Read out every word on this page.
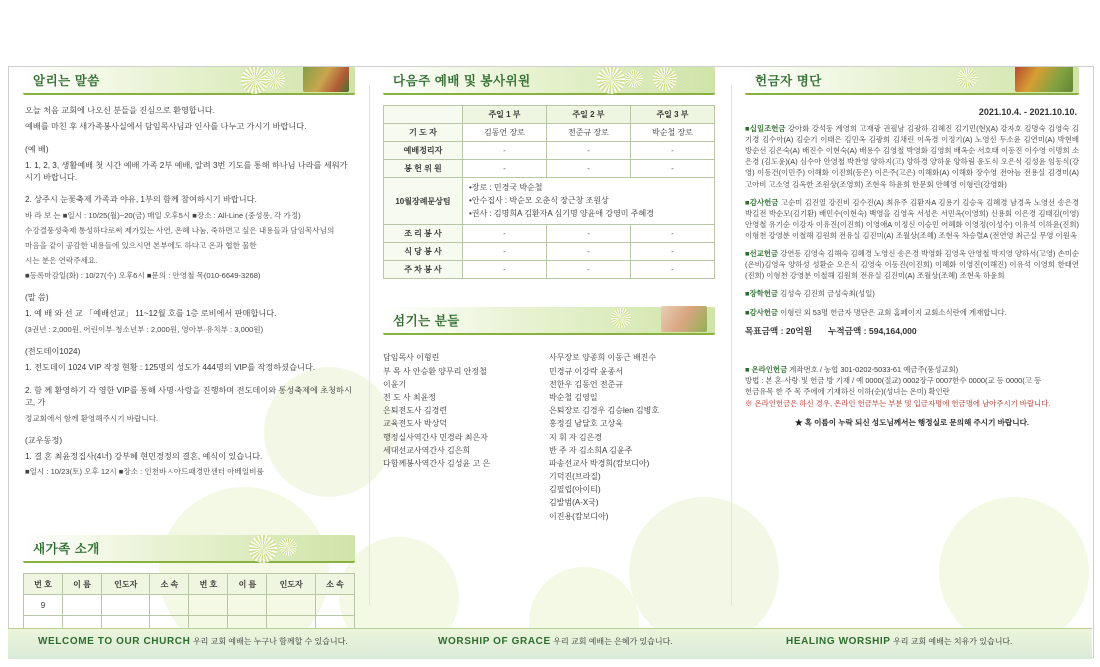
알리는 말씀

오늘 처음 교회에 나오신 분들을 진심으로 환영합니다.

예배를 마친 후 새가족봉사실에서 담임목사님과 인사를 나누고 가시기 바랍니다.

(예 배)

1. 1, 2, 3, 생활예배 첫 시간 예배 가족 2부 예배, 알려 3번 기도를 통해 하나님 나라를 세워가시기 바랍니다.

2. 상주시 눈꽃축제 가족과 야유, 1부의 함께 참여하시기 바랍니다.

바 라 보 는 ■일시 : 10/25(월)~20(금) 매일 오후5시 ■장소 : All-Line (중성롱, 각 가정)

수강결풍성축제 통성하다로써 제가있는 사연, 온혜 나눔, 죽하면고 싶은 내용들과 담임목사님의

마음을 같이 공감한 내용들에 있으시면 본부에도 하다고 온과 협한 물한

시는 분은 연락주세요.

■등록마감일(화) : 10/27(수) 오후6시 ■문의 : 안영철 목(010-6649-3268)

(말 씀)

1. 예 배 와 선 교 「예배선교」 11~12월 호를 1층 로비에서 판매합니다.

(3권년 : 2,000원, 어린이부·청소년부 : 2,000원, 영아부·유치부 : 3,000원)

(전도데이1024)

1. 전도데이 1024 VIP 작정 현황 : 125명의 성도가 444명의 VIP를 작정하셨습니다.

2. 함 께 환영하기 각 영한 VIP를 통해 사명·사랑을 진행하며 전도데이와 통성축제에 초청하시고, 가

정교회에서 함께 환영해주시기 바랍니다.

(교우동정)

1. 결 혼 최윤정집사(4녀) 강부혜 현민경정의 결혼, 예식이 있습니다.

■일시 : 10/23(토) 오후 12시 ■장소 : 인천바ㅅ아드패경만센터 아베일비룸

새가족 소개
번 호	이 름	인도자	소 속	번 호	이 름	인도자	소 속
9							

다음주 예배 및 봉사위원
	주일 1 부	주일 2 부	주일 3 부
기 도 자	김동언 장로	전준규 장로	박순철 장로
예배정리자	-	-	-
봉 헌 위 원	-	-	-
10월장례문상팀	•장로 : 민경국 박순철
•안수집사 : 박순모 오춘식 장근창 조원상
•권사 : 김명희A 김환자A 심기명 양윤애 강영미 주혜경		
조 리 봉 사	-	-	-
식 당 봉 사	-	-	-
주 차 봉 사	-	-	-
섬기는 분들
담임목사 이형린
부 목 사 안승환 양무리 안정철
이윤기
전 도 사 최윤정
은퇴전도사 김경련
교육전도사 박상덕
행정실사역간사 민경라 최은자
세대선교사역간사 김은희
다함께봉사역간사 김성윤 고 은
사무장로 양종희 이동근 배진수
민경규 이강락 윤종서
전한우 김동언 전준규
박순철 김영일
은퇴장로 김경우 김승len 김병호
홍정길 남달호 고상욱
지 휘 자 김은경
반 주 자 김소희A 김윤주
파송선교사 박경희(캄보디아)
기덕진(브라질)
김필립(아이티)
김발범(A-X국)
이진용(캄보디아)
헌금자 명단
2021.10.4. - 2021.10.10.
■십일조헌금 강아화 강석동 계영희 고재광 권필남 김광하 김혜진 김기민(현)(A) 강자호 김명숙 김영숙 김기경 김수아(A) 김순기 이태은 김민옥 김광희 김채린 이옥경 이정기(A) 노영신 두소윤 김연미(A) 박현배 방순선 김은숙(A) 배진수 이현숙(A) 배용수 김영철 박영화 김영희 배옥순 서호태 이동진 이수영 이명희 소은경 (김도윤)(A) 심수아 안영철 박찬영 양하지(고) 양하경 양하윤 양하림 윤도식 오은식 김성윤 임동식(강영) 이동건(이민주) 이해화 이진희(동은) 이은주(고은) 이해화(A) 이해화 장수영 전아늠 전용실 김경미(A) 고아비 고소영 김옥한 조원상(조영희) 조현욱 하윤희 한문회 안혜영 이형린(강영화)
■감사헌금 고순미 김진열 강진비 김수진(A) 최유주 김환자A 김용기 김승욱 김혜경 남경옥 노영선 송은경 박길전 박순모(김기환) 배민수(이현숙) 백영을 김영옥 서성은 서민옥(이영희) 신용회 이은경 김태김(이영) 안영철 유기순 이강자 이유진(이진희) 이영애A 이정신 이승민 어혜화 이영정(이성수) 이유석 이하윤(진희) 이형천 강영분 이철해 김원희 전유실 김진미(A) 조월상(조혜) 조현욱 차승렬A (전연영 최근실 무영 이원옥
■선교헌금 강연동 김영숙 김해숙 김혜경 노영신 송은경 박영화 김영옥 안영철 박지영 양하서(고영) 손미순 (온비)김영옥 양하성 성환순 오은식 김영숙 이동진(이진희) 이혜화 이영진(이해진) 이유석 이영희 한태연(진희) 이형천 강영분 이철해 김원희 전유실 김진미(A) 조월상(조혜) 조현욱 하윤희
■장학헌금 김성숙 김진희 금성숙최(성일)
■감사헌금 이형린 외 53명 헌금자 명단은 교회 홈페이지 교회소식란에 게재합니다.
목표금액 : 20억원 누적금액 : 594,164,000
■ 온라인헌금 계좌번호 / 농협 301-0202-5033-61 예금주(풍성교회)
방법 : 본 혼·사랑·및 헌금 방 기재 / 예 0000(절교) 0002장구 0007한수 0000(교 등 0000(고 등
헌금유목 한 주 목 주에에 기재하신 이하(순)(성녀는 온미) 확인란
※ 온라인헌금은 하신 경우, 온라인 헌금부는 부분 및 입금자명에 헌금명에 남아주시기 바랍니다.
★ 혹 이름이 누락 되신 성도님께서는 행정실로 문의해 주시기 바랍니다.
WELCOME TO OUR CHURCH 우리 교회 예배는 누구나 함께할 수 있습니다.	WORSHIP OF GRACE 우리 교회 예배는 은혜가 있습니다.	HEALING WORSHIP 우리 교회 예배는 치유가 있습니다.
